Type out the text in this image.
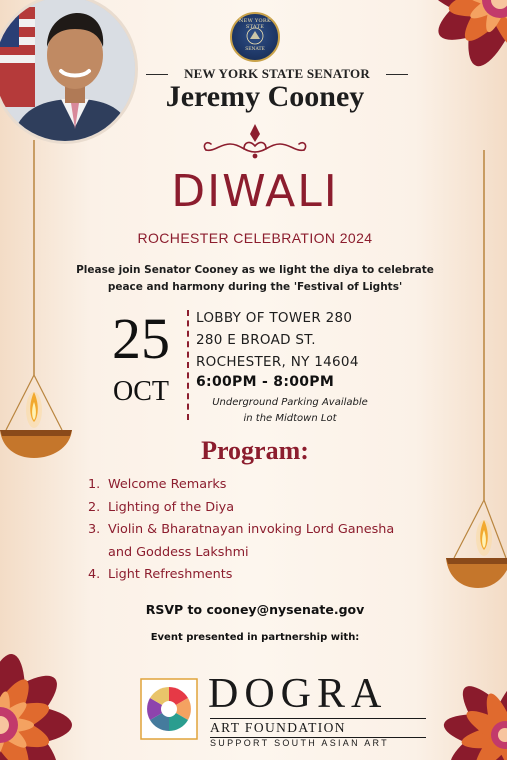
NEW YORK STATE
SENATE
NEW YORK STATE SENATOR
Jeremy Cooney
DIWALI
ROCHESTER CELEBRATION 2024
Please join Senator Cooney as we light the diya to celebrate
peace and harmony during the 'Festival of Lights'
25
OCT
LOBBY OF TOWER 280
280 E BROAD ST.
ROCHESTER, NY 14604
6:00PM - 8:00PM
Underground Parking Available
in the Midtown Lot
Program:
1. Welcome Remarks
2. Lighting of the Diya
3. Violin & Bharatnayan invoking Lord Ganesha and Goddess Lakshmi
4. Light Refreshments
RSVP to cooney@nysenate.gov
Event presented in partnership with:
DOGRA
ART FOUNDATION
SUPPORT SOUTH ASIAN ART
